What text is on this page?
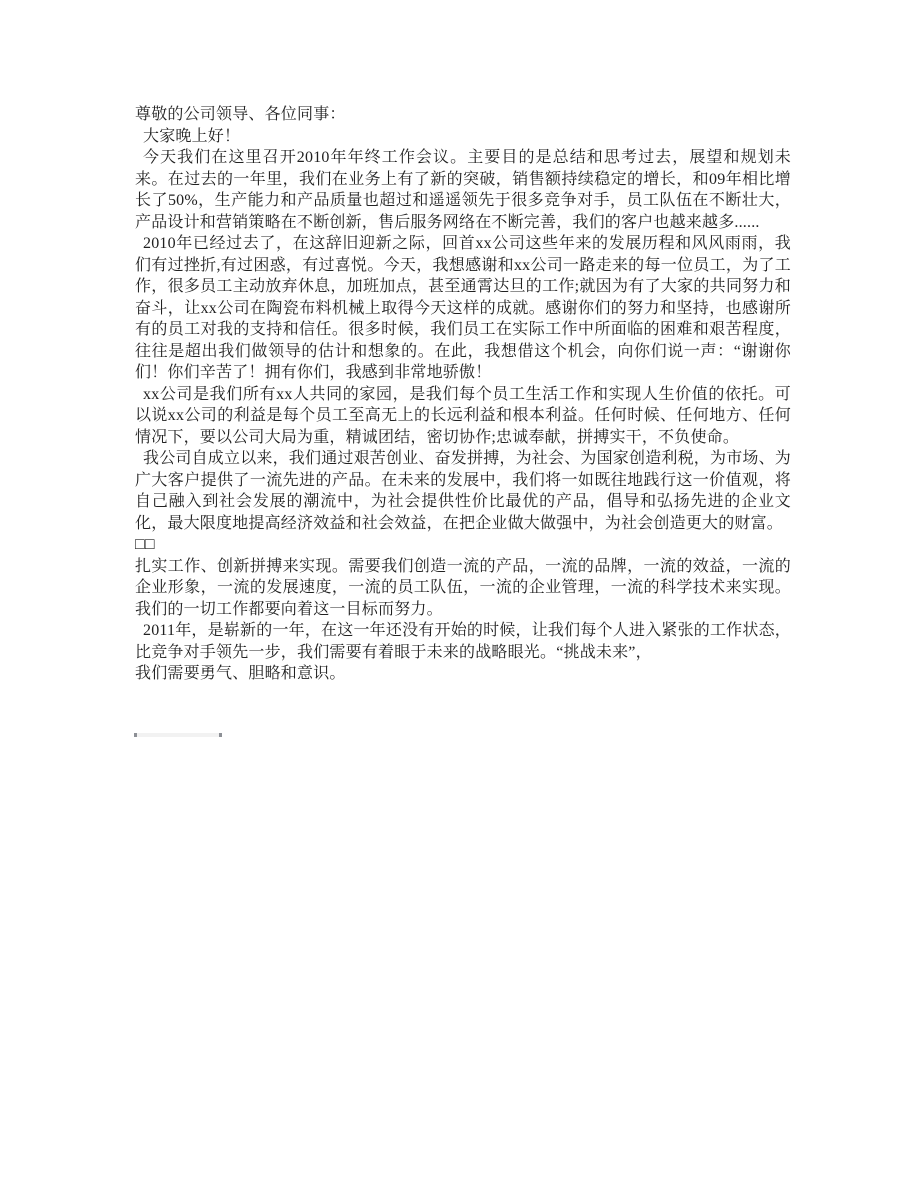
尊敬的公司领导、各位同事：

大家晚上好！

今天我们在这里召开2010年年终工作会议。主要目的是总结和思考过去，展望和规划未来。在过去的一年里，我们在业务上有了新的突破，销售额持续稳定的增长，和09年相比增长了50%，生产能力和产品质量也超过和遥遥领先于很多竞争对手，员工队伍在不断壮大，产品设计和营销策略在不断创新，售后服务网络在不断完善，我们的客户也越来越多......

2010年已经过去了，在这辞旧迎新之际，回首xx公司这些年来的发展历程和风风雨雨，我们有过挫折,有过困惑，有过喜悦。今天，我想感谢和xx公司一路走来的每一位员工，为了工作，很多员工主动放弃休息，加班加点，甚至通霄达旦的工作;就因为有了大家的共同努力和奋斗，让xx公司在陶瓷布料机械上取得今天这样的成就。感谢你们的努力和坚持，也感谢所有的员工对我的支持和信任。很多时候，我们员工在实际工作中所面临的困难和艰苦程度，往往是超出我们做领导的估计和想象的。在此，我想借这个机会，向你们说一声：“谢谢你们！你们辛苦了！拥有你们，我感到非常地骄傲！

xx公司是我们所有xx人共同的家园，是我们每个员工生活工作和实现人生价值的依托。可以说xx公司的利益是每个员工至高无上的长远利益和根本利益。任何时候、任何地方、任何情况下，要以公司大局为重，精诚团结，密切协作;忠诚奉献，拼搏实干，不负使命。

我公司自成立以来，我们通过艰苦创业、奋发拼搏，为社会、为国家创造利税，为市场、为广大客户提供了一流先进的产品。在未来的发展中，我们将一如既往地践行这一价值观，将自己融入到社会发展的潮流中，为社会提供性价比最优的产品，倡导和弘扬先进的企业文化，最大限度地提高经济效益和社会效益，在把企业做大做强中，为社会创造更大的财富。

□□

扎实工作、创新拼搏来实现。需要我们创造一流的产品，一流的品牌，一流的效益，一流的企业形象，一流的发展速度，一流的员工队伍，一流的企业管理，一流的科学技术来实现。我们的一切工作都要向着这一目标而努力。

2011年，是崭新的一年，在这一年还没有开始的时候，让我们每个人进入紧张的工作状态，比竞争对手领先一步，我们需要有着眼于未来的战略眼光。“挑战未来”，

我们需要勇气、胆略和意识。
